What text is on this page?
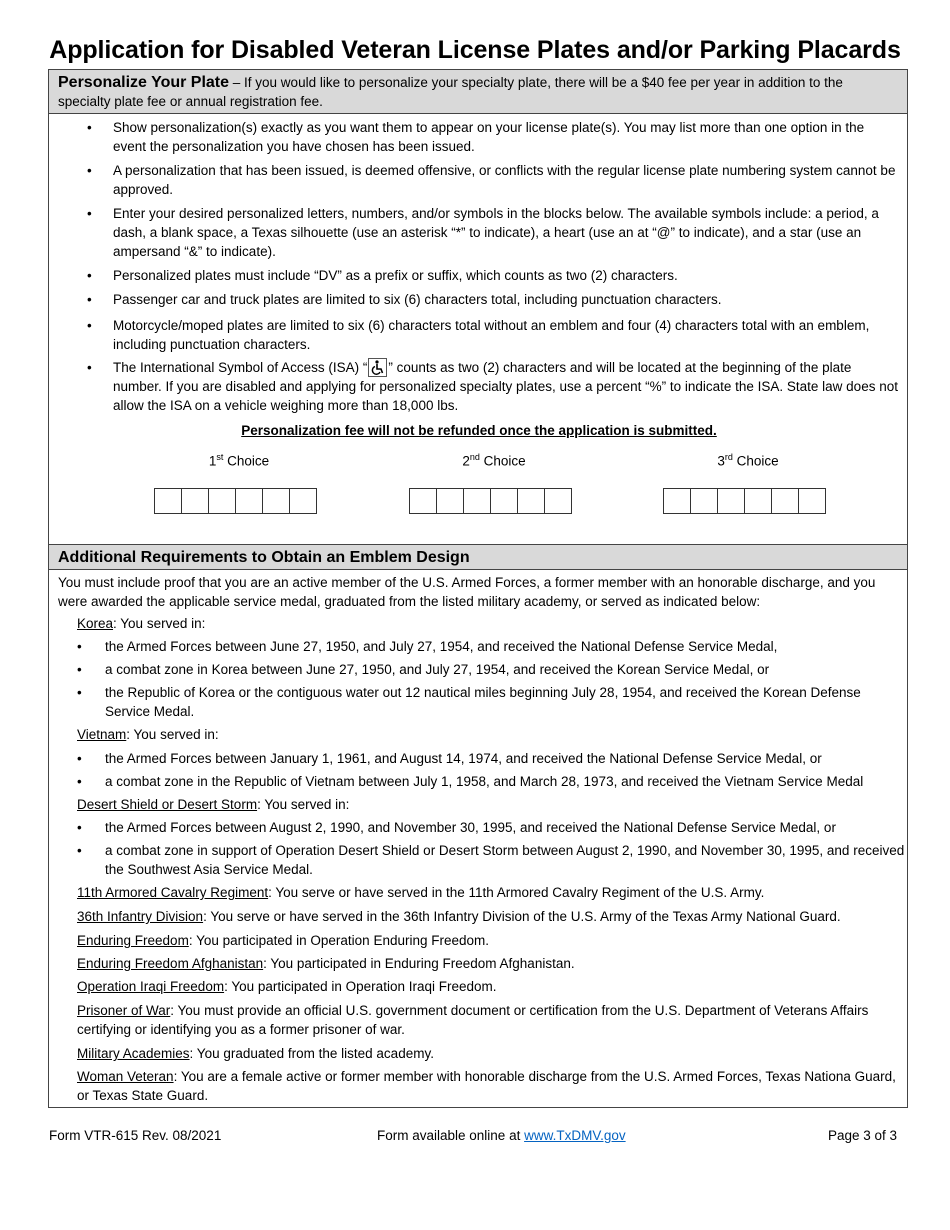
Application for Disabled Veteran License Plates and/or Parking Placards
Personalize Your Plate – If you would like to personalize your specialty plate, there will be a $40 fee per year in addition to the specialty plate fee or annual registration fee.
• Show personalization(s) exactly as you want them to appear on your license plate(s). You may list more than one option in the event the personalization you have chosen has been issued.
• A personalization that has been issued, is deemed offensive, or conflicts with the regular license plate numbering system cannot be approved.
• Enter your desired personalized letters, numbers, and/or symbols in the blocks below. The available symbols include: a period, a dash, a blank space, a Texas silhouette (use an asterisk “*” to indicate), a heart (use an at “@” to indicate), and a star (use an ampersand “&” to indicate).
• Personalized plates must include “DV” as a prefix or suffix, which counts as two (2) characters.
• Passenger car and truck plates are limited to six (6) characters total, including punctuation characters.
• Motorcycle/moped plates are limited to six (6) characters total without an emblem and four (4) characters total with an emblem, including punctuation characters.
• The International Symbol of Access (ISA) “ ” counts as two (2) characters and will be located at the beginning of the plate number. If you are disabled and applying for personalized specialty plates, use a percent “%” to indicate the ISA. State law does not allow the ISA on a vehicle weighing more than 18,000 lbs.
Personalization fee will not be refunded once the application is submitted.
1st Choice	2nd Choice	3rd Choice
Additional Requirements to Obtain an Emblem Design
You must include proof that you are an active member of the U.S. Armed Forces, a former member with an honorable discharge, and you were awarded the applicable service medal, graduated from the listed military academy, or served as indicated below:
Korea: You served in:
• the Armed Forces between June 27, 1950, and July 27, 1954, and received the National Defense Service Medal,
• a combat zone in Korea between June 27, 1950, and July 27, 1954, and received the Korean Service Medal, or
• the Republic of Korea or the contiguous water out 12 nautical miles beginning July 28, 1954, and received the Korean Defense Service Medal.
Vietnam: You served in:
• the Armed Forces between January 1, 1961, and August 14, 1974, and received the National Defense Service Medal, or
• a combat zone in the Republic of Vietnam between July 1, 1958, and March 28, 1973, and received the Vietnam Service Medal
Desert Shield or Desert Storm: You served in:
• the Armed Forces between August 2, 1990, and November 30, 1995, and received the National Defense Service Medal, or
• a combat zone in support of Operation Desert Shield or Desert Storm between August 2, 1990, and November 30, 1995, and received the Southwest Asia Service Medal.
11th Armored Cavalry Regiment: You serve or have served in the 11th Armored Cavalry Regiment of the U.S. Army.
36th Infantry Division: You serve or have served in the 36th Infantry Division of the U.S. Army of the Texas Army National Guard.
Enduring Freedom: You participated in Operation Enduring Freedom.
Enduring Freedom Afghanistan: You participated in Enduring Freedom Afghanistan.
Operation Iraqi Freedom: You participated in Operation Iraqi Freedom.
Prisoner of War: You must provide an official U.S. government document or certification from the U.S. Department of Veterans Affairs certifying or identifying you as a former prisoner of war.
Military Academies: You graduated from the listed academy.
Woman Veteran: You are a female active or former member with honorable discharge from the U.S. Armed Forces, Texas Nationa Guard, or Texas State Guard.
Form VTR-615 Rev. 08/2021	Form available online at www.TxDMV.gov	Page 3 of 3
